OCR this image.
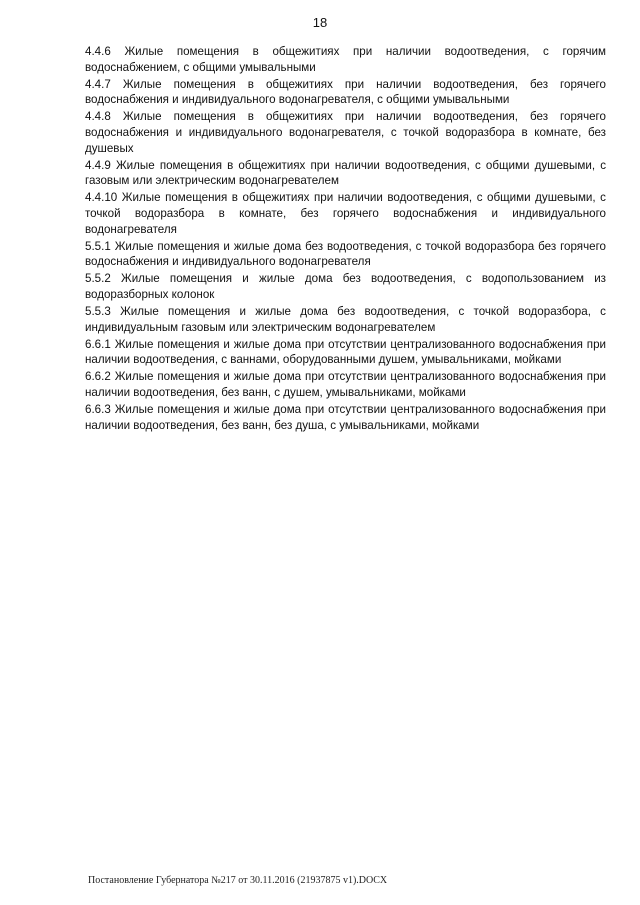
18

4.4.6 Жилые помещения в общежитиях при наличии водоотведения, с горячим водоснабжением, с общими умывальными

4.4.7 Жилые помещения в общежитиях при наличии водоотведения, без горячего водоснабжения и индивидуального водонагревателя, с общими умывальными

4.4.8 Жилые помещения в общежитиях при наличии водоотведения, без горячего водоснабжения и индивидуального водонагревателя, с точкой водоразбора в комнате, без душевых

4.4.9 Жилые помещения в общежитиях при наличии водоотведения, с общими душевыми, с газовым или электрическим водонагревателем

4.4.10 Жилые помещения в общежитиях при наличии водоотведения, с общими душевыми, с точкой водоразбора в комнате, без горячего водоснабжения и индивидуального водонагревателя

5.5.1 Жилые помещения и жилые дома без водоотведения, с точкой водоразбора без горячего водоснабжения и индивидуального водонагревателя

5.5.2 Жилые помещения и жилые дома без водоотведения, с водопользованием из водоразборных колонок

5.5.3 Жилые помещения и жилые дома без водоотведения, с точкой водоразбора, с индивидуальным газовым или электрическим водонагревателем

6.6.1 Жилые помещения и жилые дома при отсутствии централизованного водоснабжения при наличии водоотведения, с ваннами, оборудованными душем, умывальниками, мойками

6.6.2 Жилые помещения и жилые дома при отсутствии централизованного водоснабжения при наличии водоотведения, без ванн, с душем, умывальниками, мойками

6.6.3 Жилые помещения и жилые дома при отсутствии централизованного водоснабжения при наличии водоотведения, без ванн, без душа, с умывальниками, мойками

Постановление Губернатора №217 от 30.11.2016 (21937875 v1).DOCX
